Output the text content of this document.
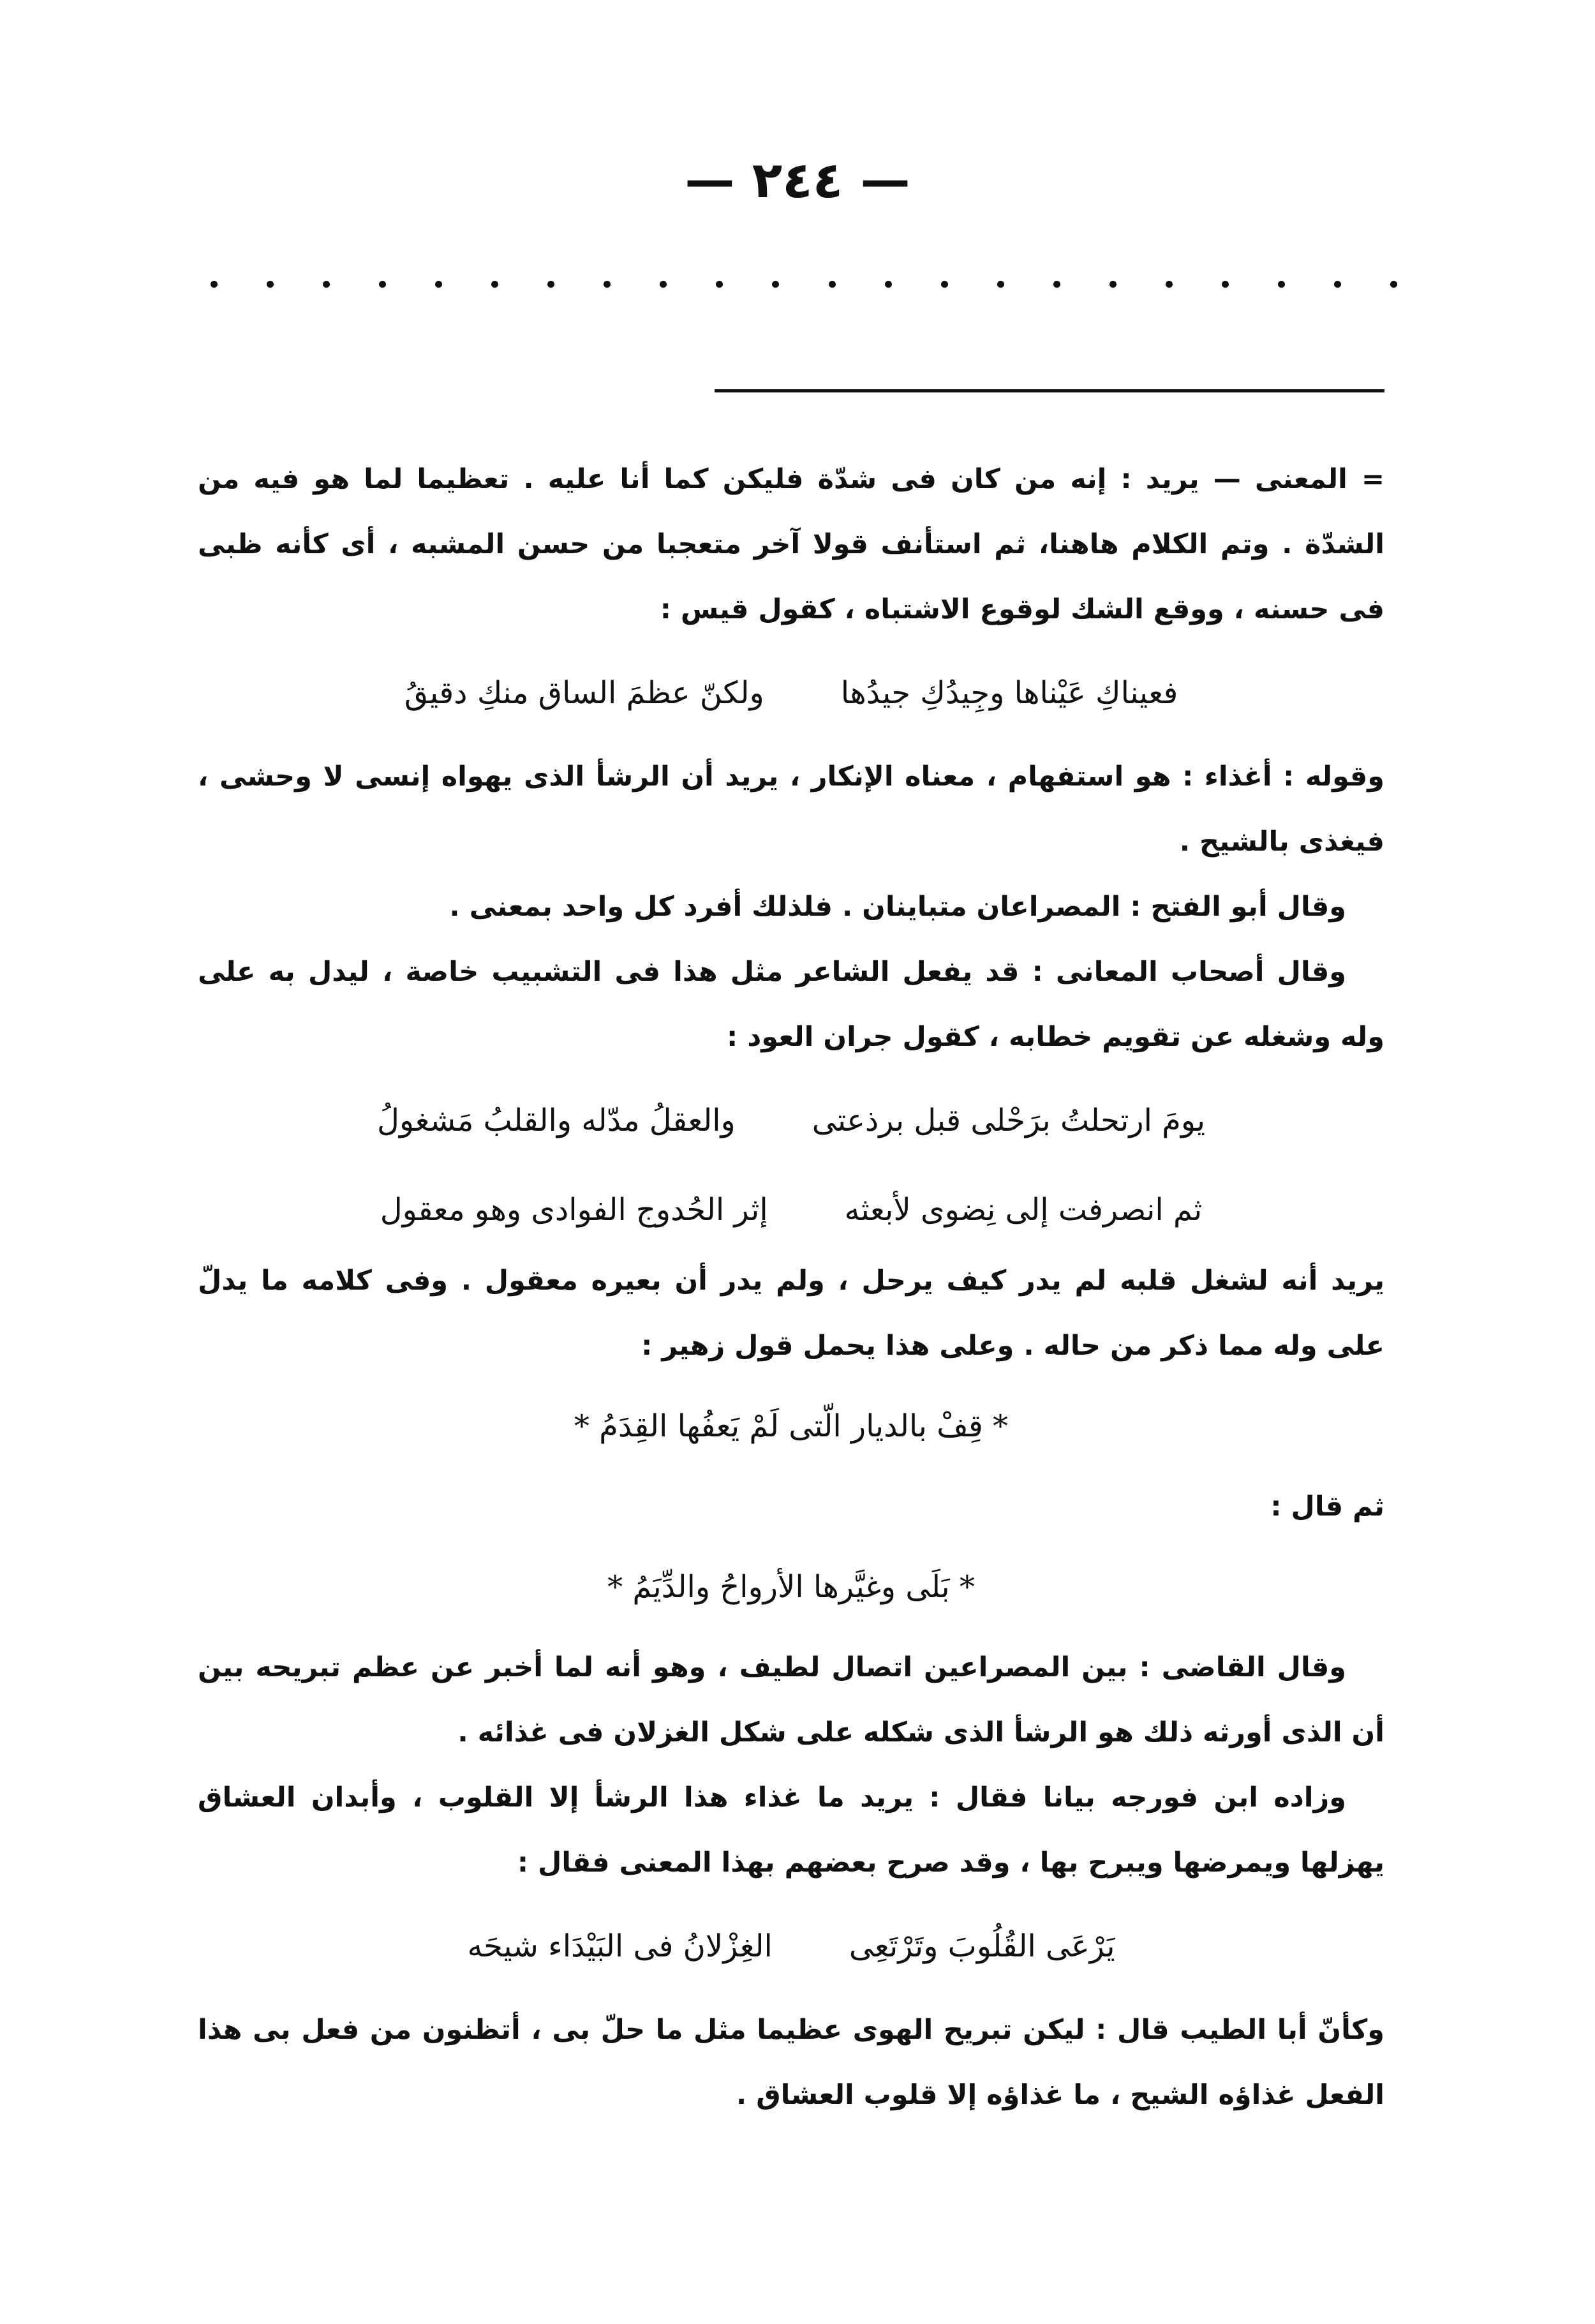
— ٢٤٤ —

= المعنى — يريد : إنه من كان فى شدّة فليكن كما أنا عليه . تعظيما لما هو فيه من الشدّة . وتم الكلام هاهنا، ثم استأنف قولا آخر متعجبا من حسن المشبه ، أى كأنه ظبى فى حسنه ، ووقع الشك لوقوع الاشتباه ، كقول قيس :

فعيناكِ عَيْناها وجِيدُكِ جيدُها
ولكنّ عظمَ الساق منكِ دقيقُ

وقوله : أغذاء : هو استفهام ، معناه الإنكار ، يريد أن الرشأ الذى يهواه إنسى لا وحشى ، فيغذى بالشيح .

وقال أبو الفتح : المصراعان متباينان . فلذلك أفرد كل واحد بمعنى .

وقال أصحاب المعانى : قد يفعل الشاعر مثل هذا فى التشبيب خاصة ، ليدل به على وله وشغله عن تقويم خطابه ، كقول جران العود :

يومَ ارتحلتُ برَحْلى قبل برذعتى
والعقلُ مدّله والقلبُ مَشغولُ
ثم انصرفت إلى نِضوى لأبعثه
إثر الحُدوج الفوادى وهو معقول

يريد أنه لشغل قلبه لم يدر كيف يرحل ، ولم يدر أن بعيره معقول . وفى كلامه ما يدلّ على وله مما ذكر من حاله . وعلى هذا يحمل قول زهير :

* قِفْ بالديار الّتى لَمْ يَعفُها القِدَمُ *

ثم قال :

* بَلَى وغيَّرها الأرواحُ والدِّيَمُ *

وقال القاضى : بين المصراعين اتصال لطيف ، وهو أنه لما أخبر عن عظم تبريحه بين أن الذى أورثه ذلك هو الرشأ الذى شكله على شكل الغزلان فى غذائه .

وزاده ابن فورجه بيانا فقال : يريد ما غذاء هذا الرشأ إلا القلوب ، وأبدان العشاق يهزلها ويمرضها ويبرح بها ، وقد صرح بعضهم بهذا المعنى فقال :

يَرْعَى القُلُوبَ وتَرْتَعِى
الغِزْلانُ فى البَيْدَاء شيحَه

وكأنّ أبا الطيب قال : ليكن تبريح الهوى عظيما مثل ما حلّ بى ، أتظنون من فعل بى هذا الفعل غذاؤه الشيح ، ما غذاؤه إلا قلوب العشاق .
